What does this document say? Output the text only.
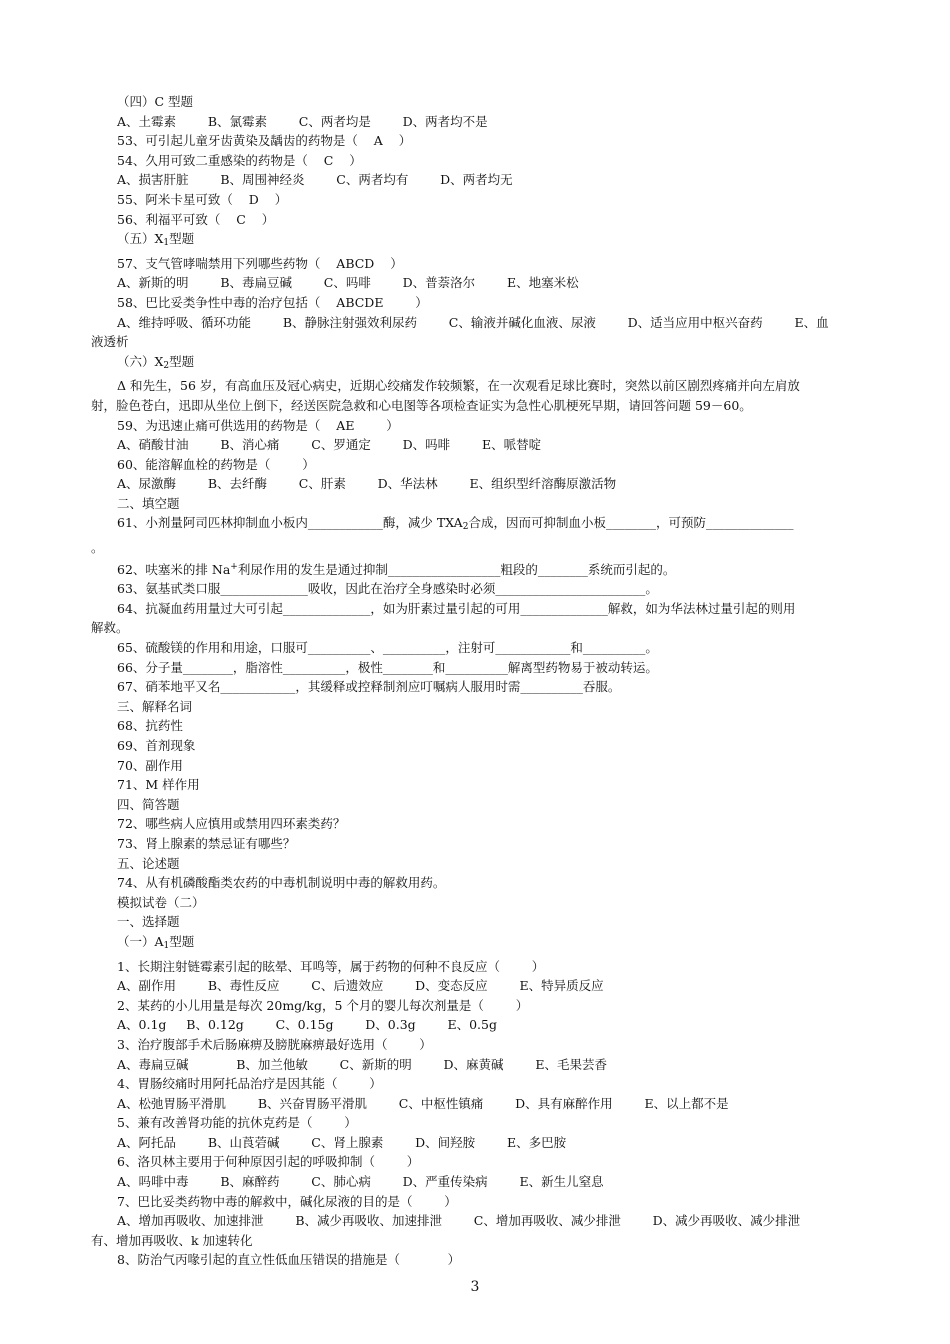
（四）C 型题
A、土霉素        B、氯霉素        C、两者均是        D、两者均不是
53、可引起儿童牙齿黄染及龋齿的药物是（    A    ）
54、久用可致二重感染的药物是（    C    ）
A、损害肝脏        B、周围神经炎        C、两者均有        D、两者均无
55、阿米卡星可致（    D    ）
56、利福平可致（    C    ）
（五）$X_1$型题
57、支气管哮喘禁用下列哪些药物（    ABCD    ）
A、新斯的明        B、毒扁豆碱        C、吗啡        D、普萘洛尔        E、地塞米松
58、巴比妥类争性中毒的治疗包括（    ABCDE        ）
A、维持呼吸、循环功能        B、静脉注射强效利尿药        C、输液并碱化血液、尿液        D、适当应用中枢兴奋药        E、血
液透析
（六）$X_2$型题
Δ 和先生，56 岁，有高血压及冠心病史，近期心绞痛发作较频繁，在一次观看足球比赛时，突然以前区剧烈疼痛并向左肩放
射，脸色苍白，迅即从坐位上倒下，经送医院急救和心电图等各项检查证实为急性心肌梗死早期，请回答问题 59－60。
59、为迅速止痛可供选用的药物是（    AE        ）
A、硝酸甘油        B、消心痛        C、罗通定        D、吗啡        E、哌替啶
60、能溶解血栓的药物是（        ）
A、尿激酶        B、去纤酶        C、肝素        D、华法林        E、组织型纤溶酶原激活物
二、填空题
61、小剂量阿司匹林抑制血小板内____________酶，减少 $TXA_2$合成，因而可抑制血小板________，可预防______________
。
62、呋塞米的排 Na+利尿作用的发生是通过抑制__________________粗段的________系统而引起的。
63、氨基甙类口服______________吸收，因此在治疗全身感染时必须________________________。
64、抗凝血药用量过大可引起______________，如为肝素过量引起的可用______________解救，如为华法林过量引起的则用
解救。
65、硫酸镁的作用和用途，口服可__________、__________，注射可____________和__________。
66、分子量________，脂溶性__________，极性________和__________解离型药物易于被动转运。
67、硝苯地平又名____________，其缓释或控释制剂应叮嘱病人服用时需__________吞服。
三、解释名词
68、抗药性
69、首剂现象
70、副作用
71、M 样作用
四、简答题
72、哪些病人应慎用或禁用四环素类药？
73、肾上腺素的禁忌证有哪些？
五、论述题
74、从有机磷酸酯类农药的中毒机制说明中毒的解救用药。
模拟试卷（二）
一、选择题
（一）$A_1$型题
1、长期注射链霉素引起的眩晕、耳鸣等，属于药物的何种不良反应（        ）
A、副作用        B、毒性反应        C、后遗效应        D、变态反应        E、特异质反应
2、某药的小儿用量是每次 20mg/kg，5 个月的婴儿每次剂量是（        ）
A、0.1g     B、0.12g        C、0.15g        D、0.3g        E、0.5g
3、治疗腹部手术后肠麻痹及膀胱麻痹最好选用（        ）
A、毒扁豆碱            B、加兰他敏        C、新斯的明        D、麻黄碱        E、毛果芸香
4、胃肠绞痛时用阿托品治疗是因其能（        ）
A、松弛胃肠平滑肌        B、兴奋胃肠平滑肌        C、中枢性镇痛        D、具有麻醉作用        E、以上都不是
5、兼有改善肾功能的抗休克药是（        ）
A、阿托品        B、山莨菪碱        C、肾上腺素        D、间羟胺        E、多巴胺
6、洛贝林主要用于何种原因引起的呼吸抑制（        ）
A、吗啡中毒        B、麻醉药        C、肺心病        D、严重传染病        E、新生儿窒息
7、巴比妥类药物中毒的解救中，碱化尿液的目的是（        ）
A、增加再吸收、加速排泄        B、减少再吸收、加速排泄        C、增加再吸收、减少排泄        D、减少再吸收、减少排泄
有、增加再吸收、k 加速转化
8、防治气丙喙引起的直立性低血压错误的措施是（            ）
3
